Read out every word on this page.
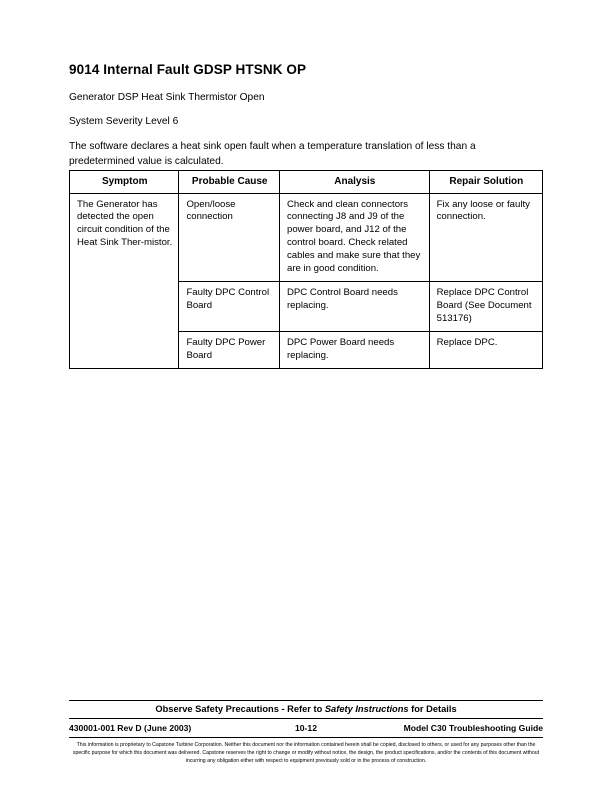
9014 Internal Fault GDSP HTSNK OP

Generator DSP Heat Sink Thermistor Open

System Severity Level 6

The software declares a heat sink open fault when a temperature translation of less than a predetermined value is calculated.

Symptom	Probable Cause	Analysis	Repair Solution
The Generator has detected the open circuit condition of the Heat Sink Ther-mistor.	Open/loose connection	Check and clean connectors connecting J8 and J9 of the power board, and J12 of the control board. Check related cables and make sure that they are in good condition.	Fix any loose or faulty connection.
	Faulty DPC Control Board	DPC Control Board needs replacing.	Replace DPC Control Board (See Document 513176)
	Faulty DPC Power Board	DPC Power Board needs replacing.	Replace DPC.
Observe Safety Precautions - Refer to Safety Instructions for Details
430001-001 Rev D (June 2003)	10-12	Model C30 Troubleshooting Guide
This information is proprietary to Capstone Turbine Corporation. Neither this document nor the information contained herein shall be copied, disclosed to others, or used for any purposes other than the specific purpose for which this document was delivered. Capstone reserves the right to change or modify without notice, the design, the product specifications, and/or the contents of this document without incurring any obligation either with respect to equipment previously sold or in the process of construction.
